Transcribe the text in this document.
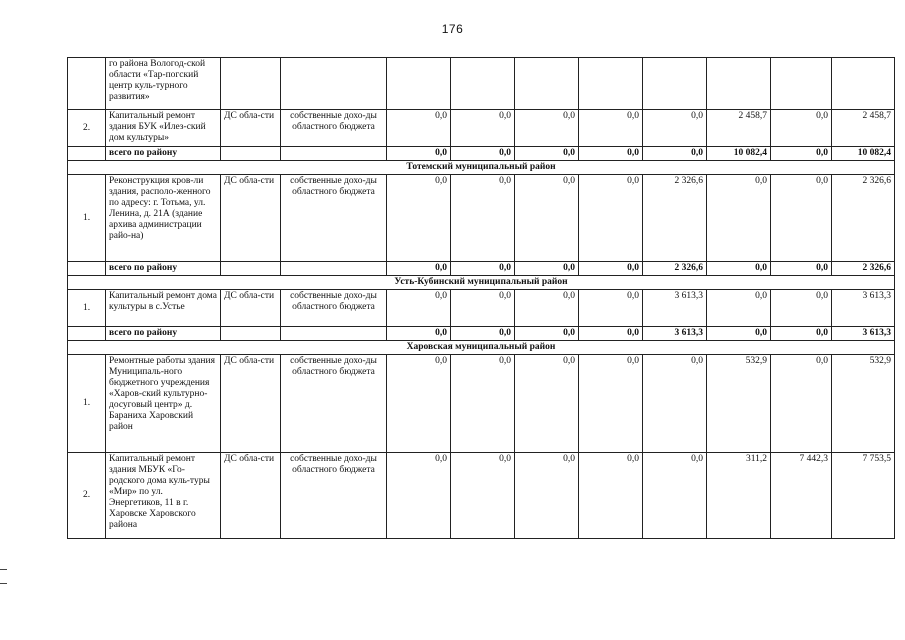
176
	го района Вологод-ской области «Тар-погский центр куль-турного развития»										
2.	Капитальный ремонт здания БУК «Илез-ский дом культуры»	ДС обла-сти	собственные дохо-ды областного бюджета	0,0	0,0	0,0	0,0	0,0	2 458,7	0,0	2 458,7
	всего по району			0,0	0,0	0,0	0,0	0,0	10 082,4	0,0	10 082,4
Тотемский муниципальный район											
1.	Реконструкция кров-ли здания, располо-женного по адресу: г. Тотьма, ул. Ленина, д. 21А (здание архива администрации райо-на)	ДС обла-сти	собственные дохо-ды областного бюджета	0,0	0,0	0,0	0,0	2 326,6	0,0	0,0	2 326,6
	всего по району			0,0	0,0	0,0	0,0	2 326,6	0,0	0,0	2 326,6
Усть-Кубинский муниципальный район											
1.	Капитальный ремонт дома культуры в с.Устье	ДС обла-сти	собственные дохо-ды областного бюджета	0,0	0,0	0,0	0,0	3 613,3	0,0	0,0	3 613,3
	всего по району			0,0	0,0	0,0	0,0	3 613,3	0,0	0,0	3 613,3
Харовская муниципальный район											
1.	Ремонтные работы здания Муниципаль-ного бюджетного учреждения «Харов-ский культурно-досуговый центр» д. Бараниха Харовский район	ДС обла-сти	собственные дохо-ды областного бюджета	0,0	0,0	0,0	0,0	0,0	532,9	0,0	532,9
2.	Капитальный ремонт здания МБУК «Го-родского дома куль-туры «Мир» по ул. Энергетиков, 11 в г. Харовске Харовского района	ДС обла-сти	собственные дохо-ды областного бюджета	0,0	0,0	0,0	0,0	0,0	311,2	7 442,3	7 753,5
